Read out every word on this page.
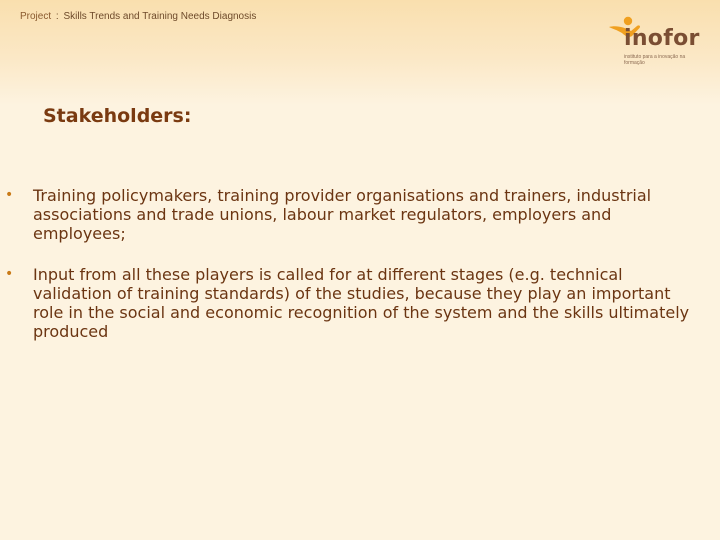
Project : Skills Trends and Training Needs Diagnosis
inofor
instituto para a inovação na formação
Stakeholders:
• Training policymakers, training provider organisations and trainers, industrial associations and trade unions, labour market regulators, employers and employees;
• Input from all these players is called for at different stages (e.g. technical validation of training standards) of the studies, because they play an important role in the social and economic recognition of the system and the skills ultimately produced
